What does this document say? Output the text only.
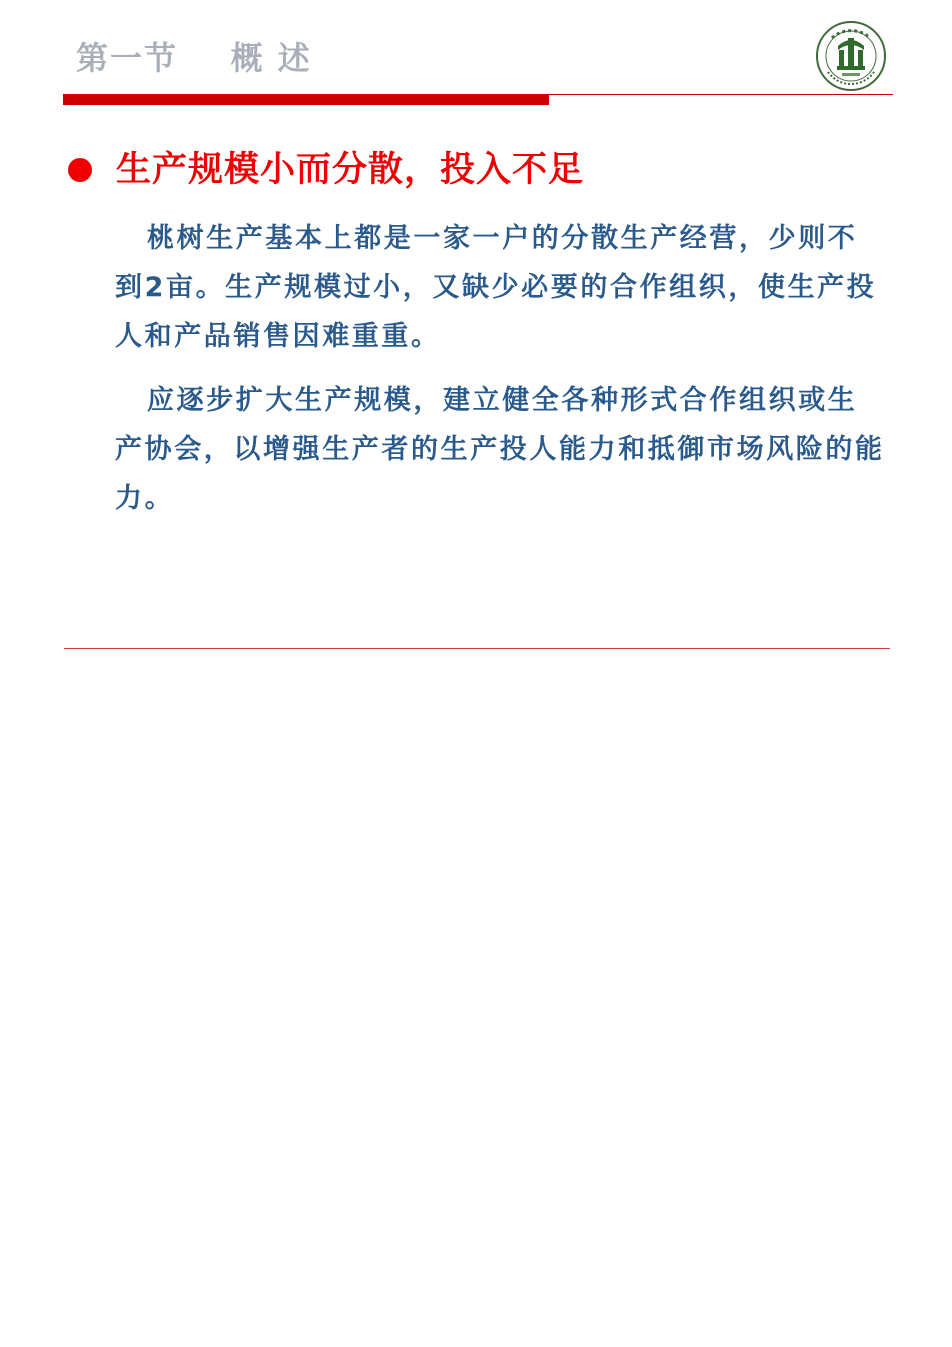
第一节    概 述
生产规模小而分散，投入不足

桃树生产基本上都是一家一户的分散生产经营，少则不到2亩。生产规模过小，又缺少必要的合作组织，使生产投人和产品销售因难重重。

应逐步扩大生产规模，建立健全各种形式合作组织或生产协会，以增强生产者的生产投人能力和抵御市场风险的能力。
